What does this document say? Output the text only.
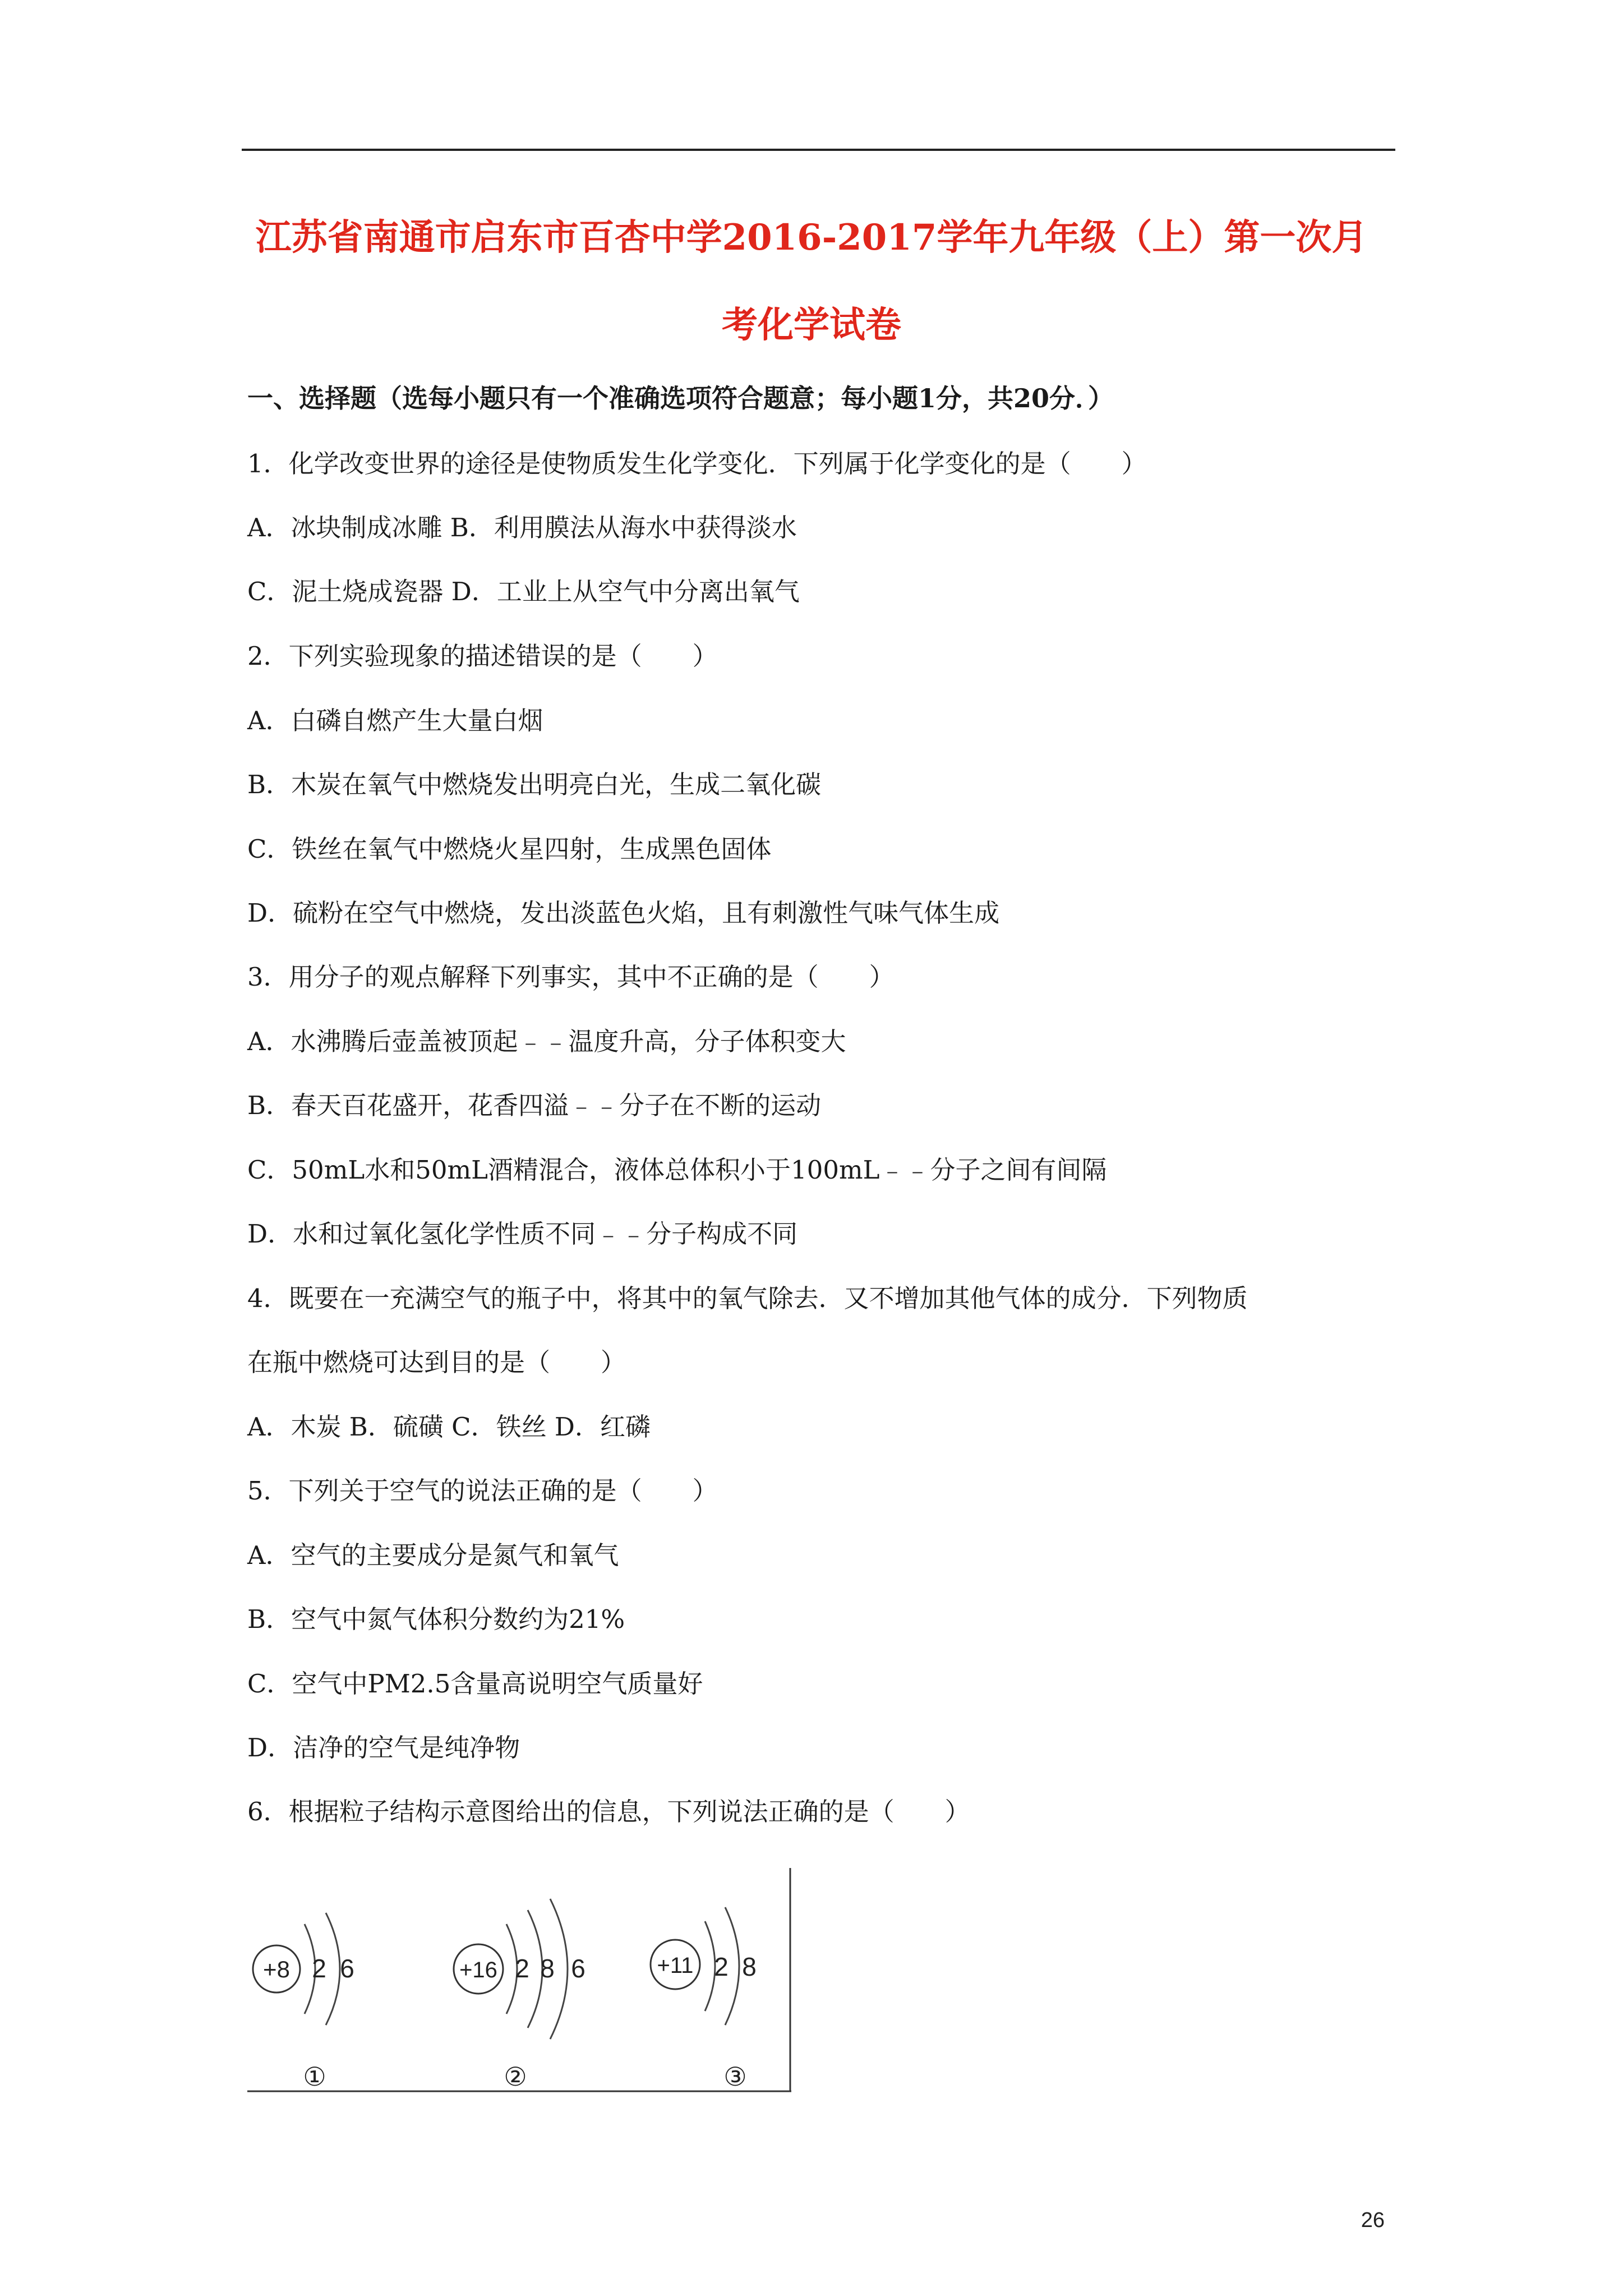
江苏省南通市启东市百杏中学2016-2017学年九年级（上）第一次月
考化学试卷
一、选择题（选每小题只有一个准确选项符合题意；每小题1分，共20分．）
1．化学改变世界的途径是使物质发生化学变化．下列属于化学变化的是（　　）
A．冰块制成冰雕 B．利用膜法从海水中获得淡水
C．泥土烧成瓷器 D．工业上从空气中分离出氧气
2．下列实验现象的描述错误的是（　　）
A．白磷自燃产生大量白烟
B．木炭在氧气中燃烧发出明亮白光，生成二氧化碳
C．铁丝在氧气中燃烧火星四射，生成黑色固体
D．硫粉在空气中燃烧，发出淡蓝色火焰，且有刺激性气味气体生成
3．用分子的观点解释下列事实，其中不正确的是（　　）
A．水沸腾后壶盖被顶起﹣﹣温度升高，分子体积变大
B．春天百花盛开，花香四溢﹣﹣分子在不断的运动
C．50mL水和50mL酒精混合，液体总体积小于100mL﹣﹣分子之间有间隔
D．水和过氧化氢化学性质不同﹣﹣分子构成不同
4．既要在一充满空气的瓶子中，将其中的氧气除去．又不增加其他气体的成分．下列物质
在瓶中燃烧可达到目的是（　　）
A．木炭 B．硫磺 C．铁丝 D．红磷
5．下列关于空气的说法正确的是（　　）
A．空气的主要成分是氮气和氧气
B．空气中氮气体积分数约为21%
C．空气中PM2.5含量高说明空气质量好
D．洁净的空气是纯净物
6．根据粒子结构示意图给出的信息，下列说法正确的是（　　）
+8 2 6
①
+16 2 8 6
②
+11 2 8
③
26
